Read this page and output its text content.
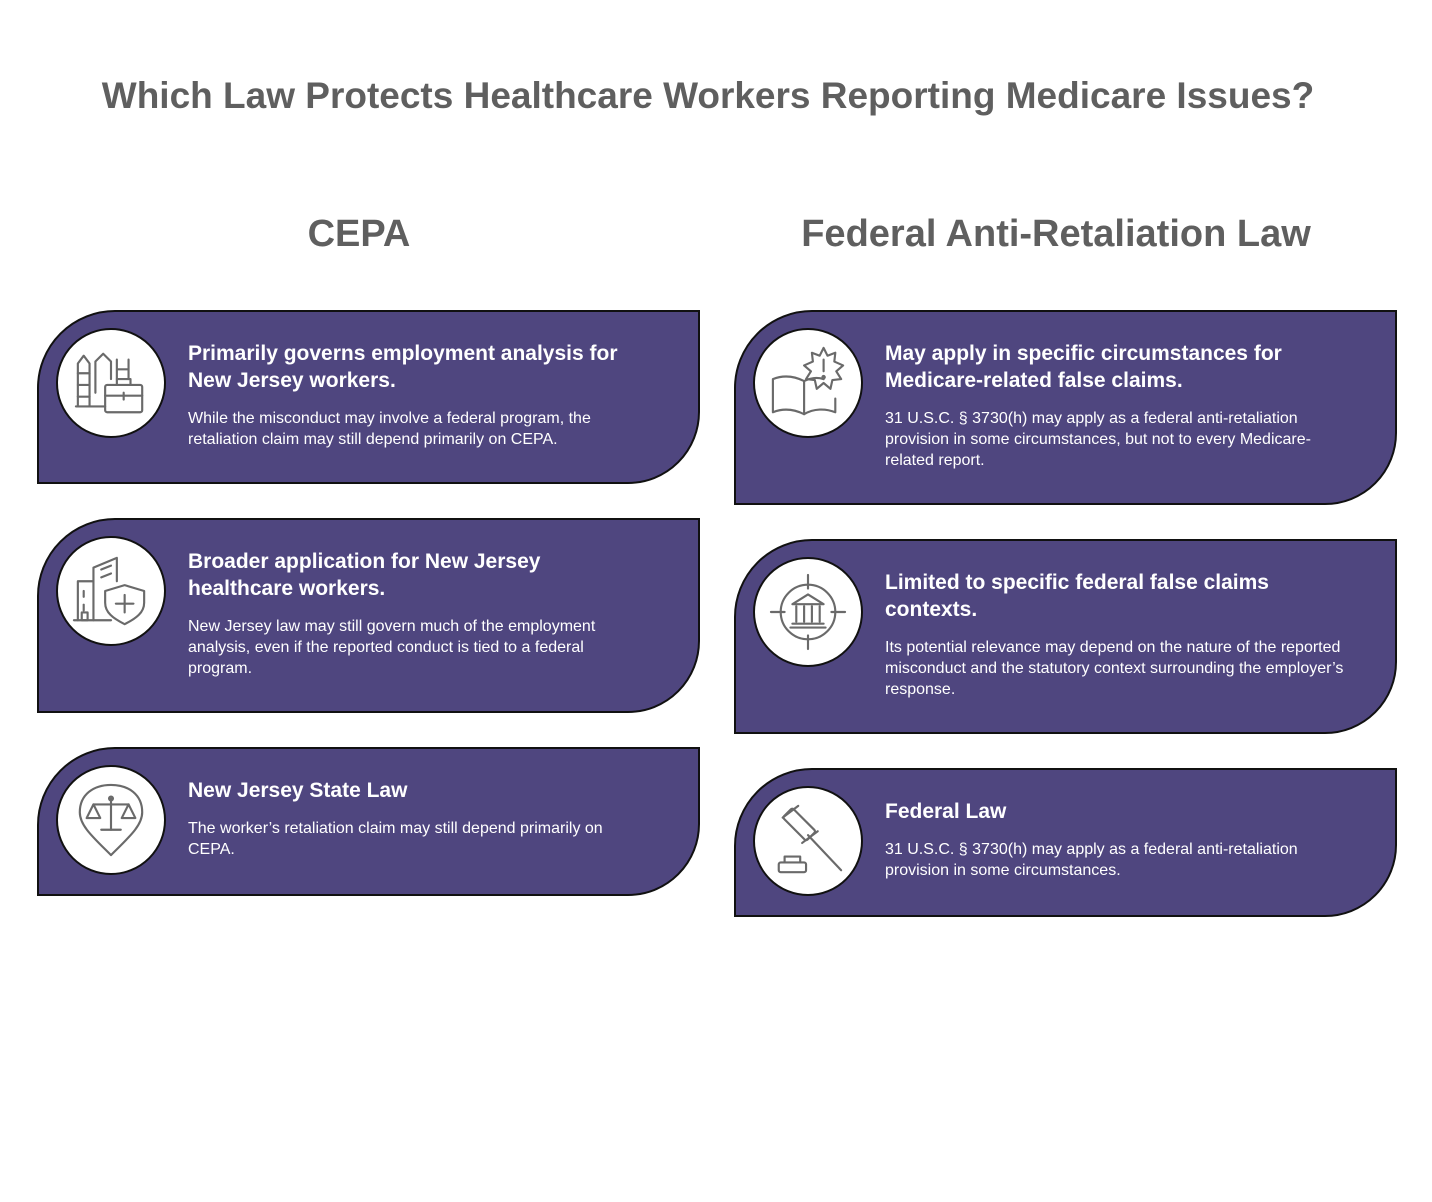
Which Law Protects Healthcare Workers Reporting Medicare Issues?
CEPA	Federal Anti-Retaliation Law

Primarily governs employment analysis for New Jersey workers.

While the misconduct may involve a federal program, the retaliation claim may still depend primarily on CEPA.

Broader application for New Jersey healthcare workers.

New Jersey law may still govern much of the employment analysis, even if the reported conduct is tied to a federal program.

New Jersey State Law

The worker’s retaliation claim may still depend primarily on CEPA.

May apply in specific circumstances for Medicare-related false claims.

31 U.S.C. § 3730(h) may apply as a federal anti-retaliation provision in some circumstances, but not to every Medicare-related report.

Limited to specific federal false claims contexts.

Its potential relevance may depend on the nature of the reported misconduct and the statutory context surrounding the employer’s response.

Federal Law

31 U.S.C. § 3730(h) may apply as a federal anti-retaliation provision in some circumstances.
